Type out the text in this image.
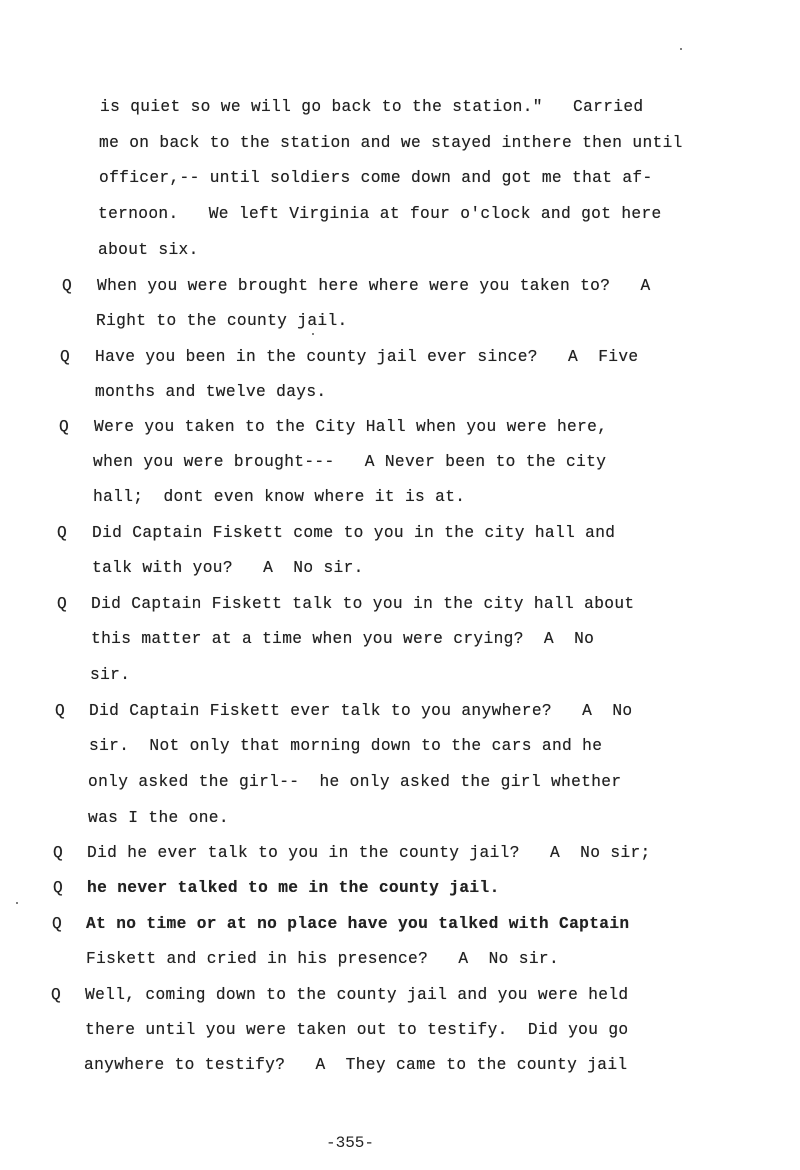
is quiet so we will go back to the station."   Carried
me on back to the station and we stayed inthere then until
officer,-- until soldiers come down and got me that af-
ternoon.   We left Virginia at four o'clock and got here
about six.
Q When you were brought here where were you taken to?   A
Right to the county jail.
Q Have you been in the county jail ever since?   A  Five
months and twelve days.
Q Were you taken to the City Hall when you were here,
when you were brought---   A Never been to the city
hall;  dont even know where it is at.
Q Did Captain Fiskett come to you in the city hall and
talk with you?   A  No sir.
Q Did Captain Fiskett talk to you in the city hall about
this matter at a time when you were crying?  A  No
sir.
Q Did Captain Fiskett ever talk to you anywhere?   A  No
sir.  Not only that morning down to the cars and he
only asked the girl--  he only asked the girl whether
was I the one.
Q Did he ever talk to you in the county jail?   A  No sir;
Q he never talked to me in the county jail.
Q At no time or at no place have you talked with Captain
Fiskett and cried in his presence?   A  No sir.
Q Well, coming down to the county jail and you were held
there until you were taken out to testify.  Did you go
anywhere to testify?   A  They came to the county jail
-355-
